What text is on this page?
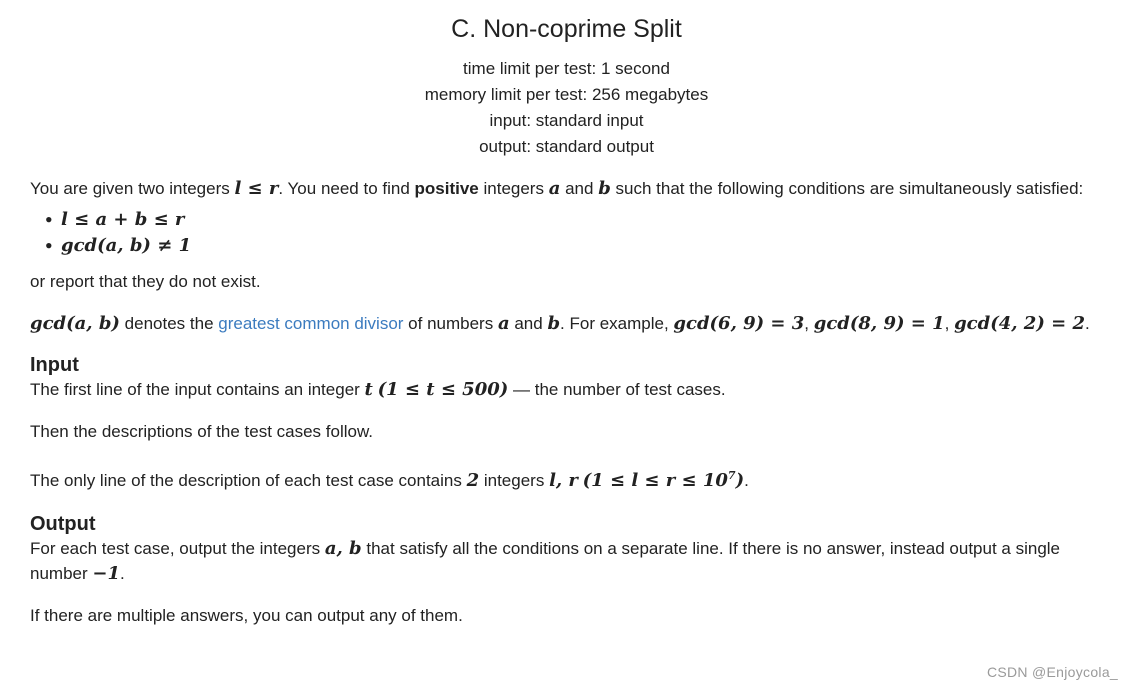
C. Non-coprime Split
time limit per test: 1 second
memory limit per test: 256 megabytes
input: standard input
output: standard output

You are given two integers l ≤ r. You need to find positive integers a and b such that the following conditions are simultaneously satisfied:

• l ≤ a + b ≤ r
• gcd(a, b) ≠ 1

or report that they do not exist.

gcd(a, b) denotes the greatest common divisor of numbers a and b. For example, gcd(6, 9) = 3, gcd(8, 9) = 1, gcd(4, 2) = 2.

Input

The first line of the input contains an integer t (1 ≤ t ≤ 500) — the number of test cases.

Then the descriptions of the test cases follow.

The only line of the description of each test case contains 2 integers l, r $(1 \le l \le r \le 10^7)$.

Output

For each test case, output the integers a, b that satisfy all the conditions on a separate line. If there is no answer, instead output a single number −1.

If there are multiple answers, you can output any of them.

CSDN @Enjoycola_
